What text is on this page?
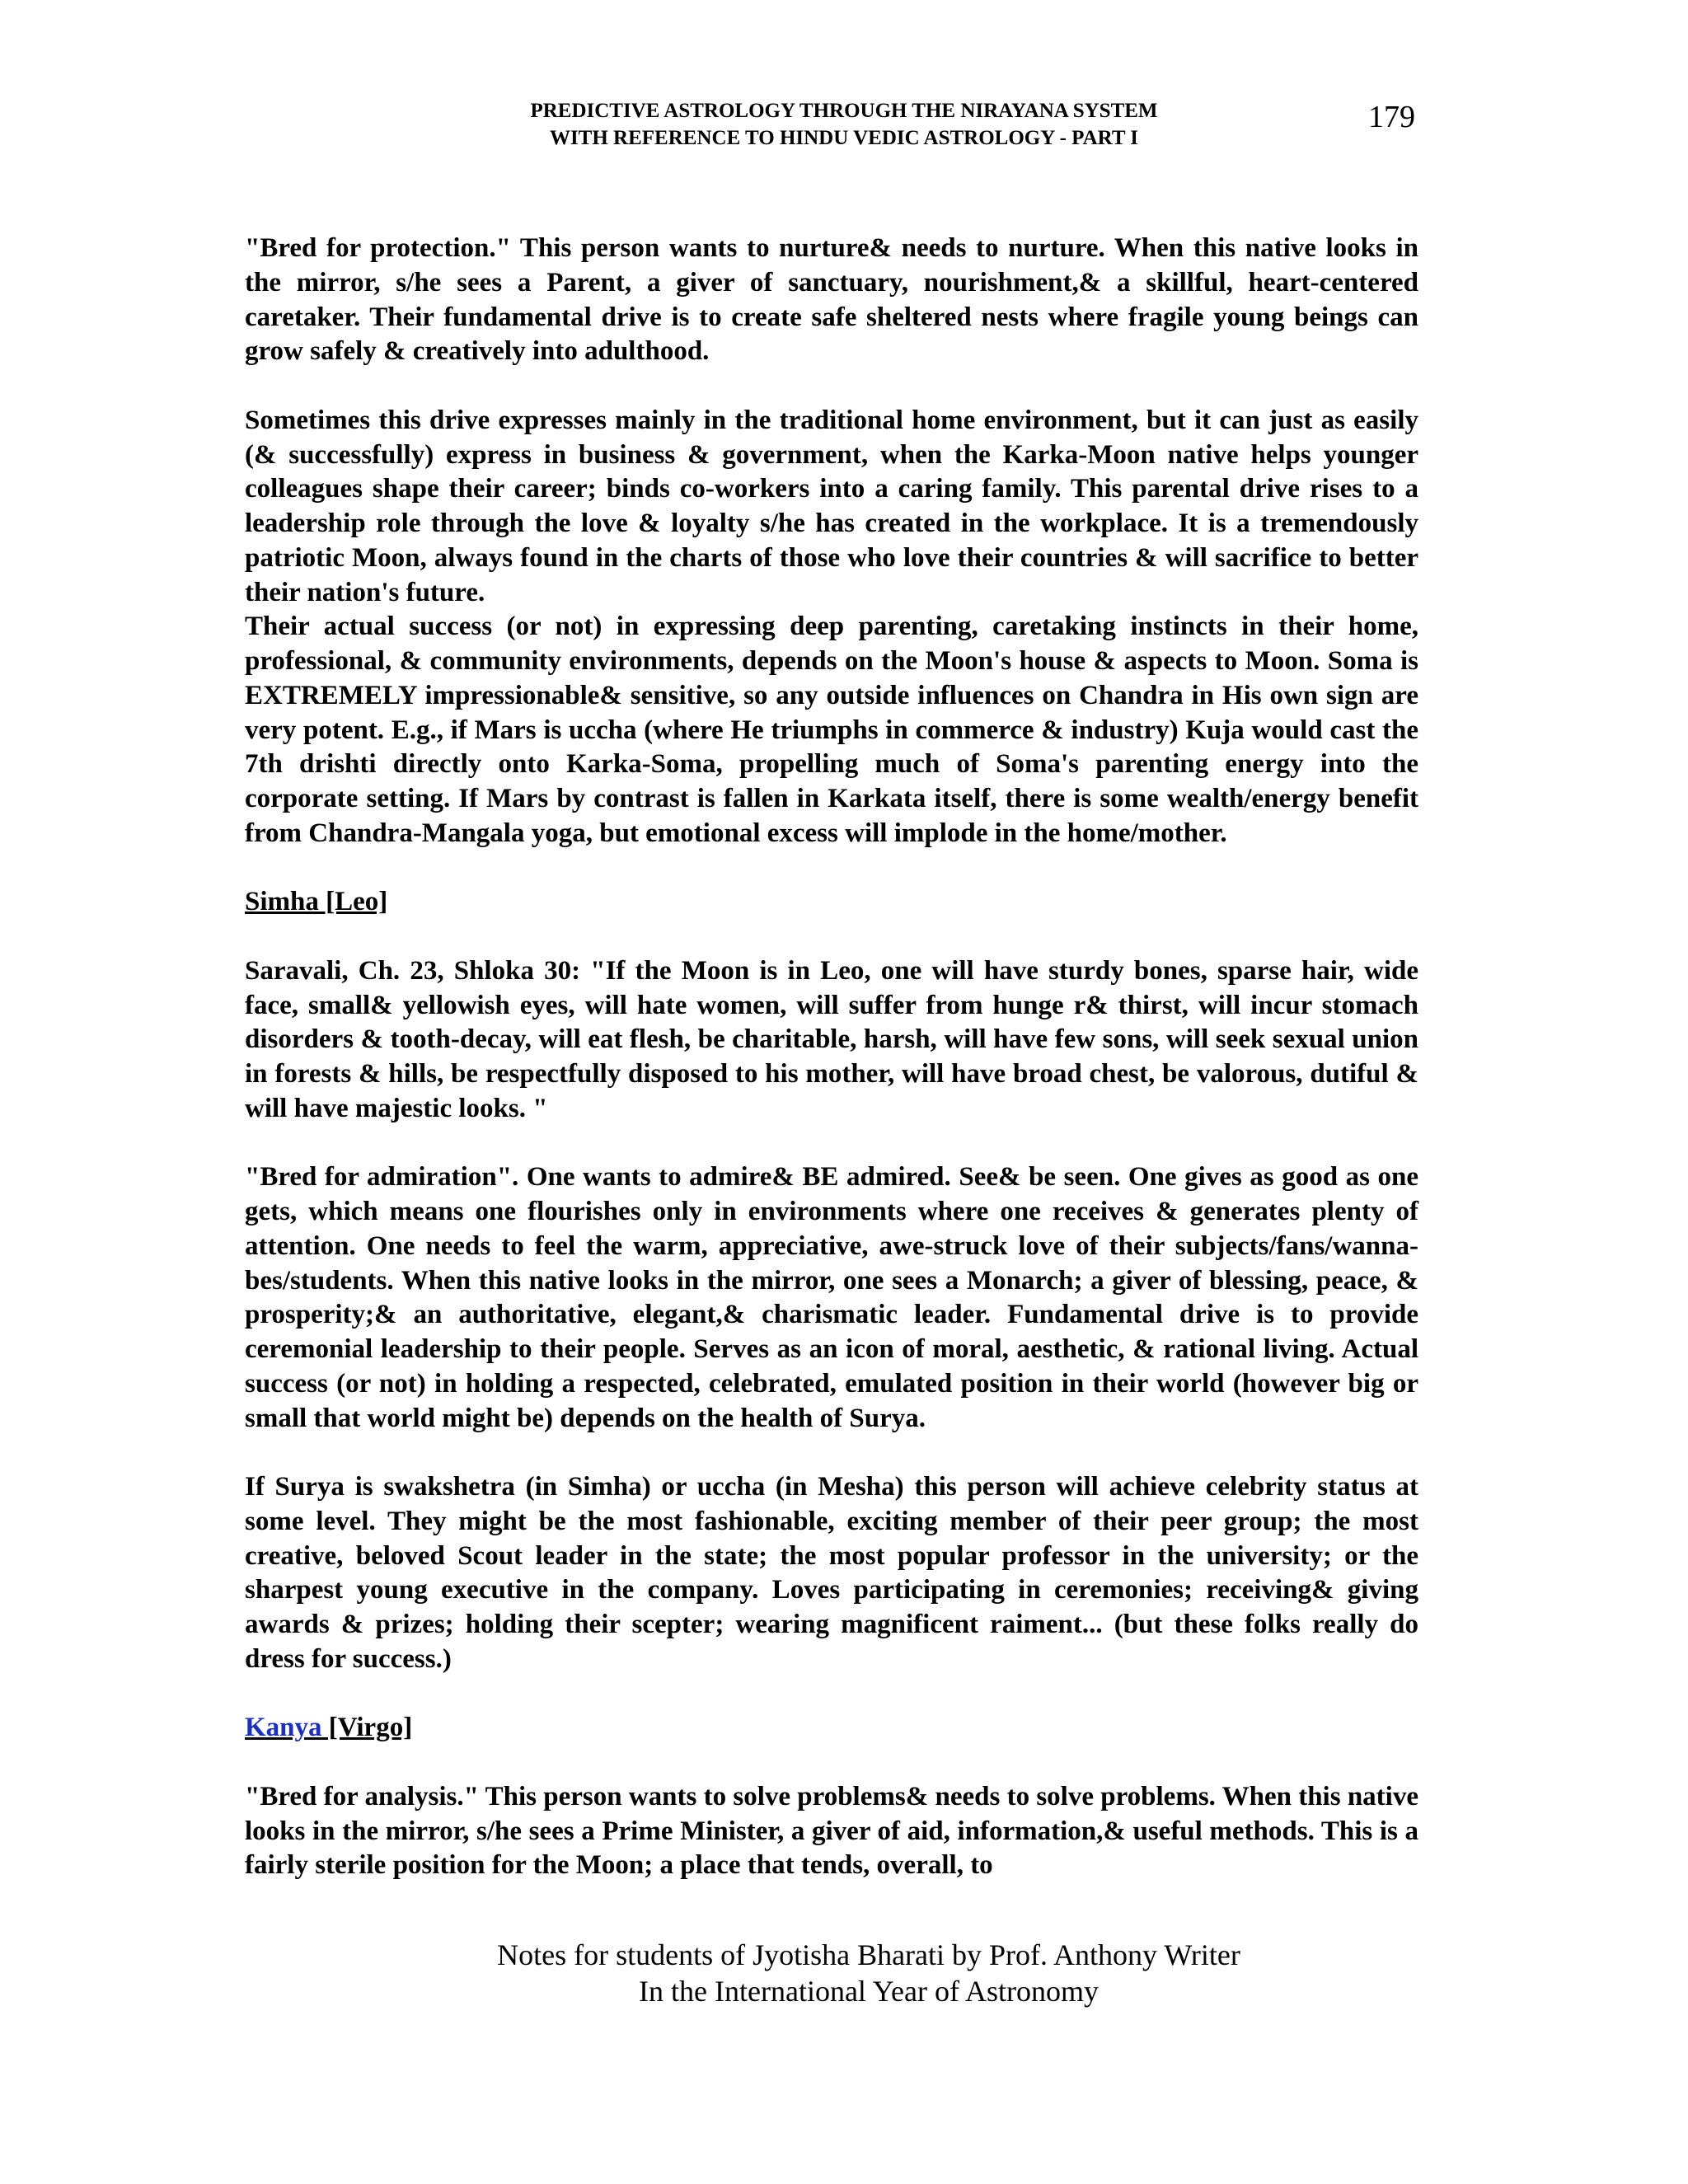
PREDICTIVE ASTROLOGY THROUGH THE NIRAYANA SYSTEM
WITH REFERENCE TO HINDU VEDIC ASTROLOGY - PART I
179

"Bred for protection." This person wants to nurture& needs to nurture. When this native looks in the mirror, s/he sees a Parent, a giver of sanctuary, nourishment,& a skillful, heart-centered caretaker. Their fundamental drive is to create safe sheltered nests where fragile young beings can grow safely & creatively into adulthood.

Sometimes this drive expresses mainly in the traditional home environment, but it can just as easily (& successfully) express in business & government, when the Karka-Moon native helps younger colleagues shape their career; binds co-workers into a caring family. This parental drive rises to a leadership role through the love & loyalty s/he has created in the workplace. It is a tremendously patriotic Moon, always found in the charts of those who love their countries & will sacrifice to better their nation's future.

Their actual success (or not) in expressing deep parenting, caretaking instincts in their home, professional, & community environments, depends on the Moon's house & aspects to Moon. Soma is EXTREMELY impressionable& sensitive, so any outside influences on Chandra in His own sign are very potent. E.g., if Mars is uccha (where He triumphs in commerce & industry) Kuja would cast the 7th drishti directly onto Karka-Soma, propelling much of Soma's parenting energy into the corporate setting. If Mars by contrast is fallen in Karkata itself, there is some wealth/energy benefit from Chandra-Mangala yoga, but emotional excess will implode in the home/mother.

Simha [Leo]

Saravali, Ch. 23, Shloka 30: "If the Moon is in Leo, one will have sturdy bones, sparse hair, wide face, small& yellowish eyes, will hate women, will suffer from hunge r& thirst, will incur stomach disorders & tooth-decay, will eat flesh, be charitable, harsh, will have few sons, will seek sexual union in forests & hills, be respectfully disposed to his mother, will have broad chest, be valorous, dutiful & will have majestic looks. "

"Bred for admiration". One wants to admire& BE admired. See& be seen. One gives as good as one gets, which means one flourishes only in environments where one receives & generates plenty of attention. One needs to feel the warm, appreciative, awe-struck love of their subjects/fans/wanna-bes/students. When this native looks in the mirror, one sees a Monarch; a giver of blessing, peace, & prosperity;& an authoritative, elegant,& charismatic leader. Fundamental drive is to provide ceremonial leadership to their people. Serves as an icon of moral, aesthetic, & rational living. Actual success (or not) in holding a respected, celebrated, emulated position in their world (however big or small that world might be) depends on the health of Surya.

If Surya is swakshetra (in Simha) or uccha (in Mesha) this person will achieve celebrity status at some level. They might be the most fashionable, exciting member of their peer group; the most creative, beloved Scout leader in the state; the most popular professor in the university; or the sharpest young executive in the company. Loves participating in ceremonies; receiving& giving awards & prizes; holding their scepter; wearing magnificent raiment... (but these folks really do dress for success.)

Kanya [Virgo]

"Bred for analysis." This person wants to solve problems& needs to solve problems. When this native looks in the mirror, s/he sees a Prime Minister, a giver of aid, information,& useful methods. This is a fairly sterile position for the Moon; a place that tends, overall, to

Notes for students of Jyotisha Bharati by Prof. Anthony Writer
In the International Year of Astronomy
